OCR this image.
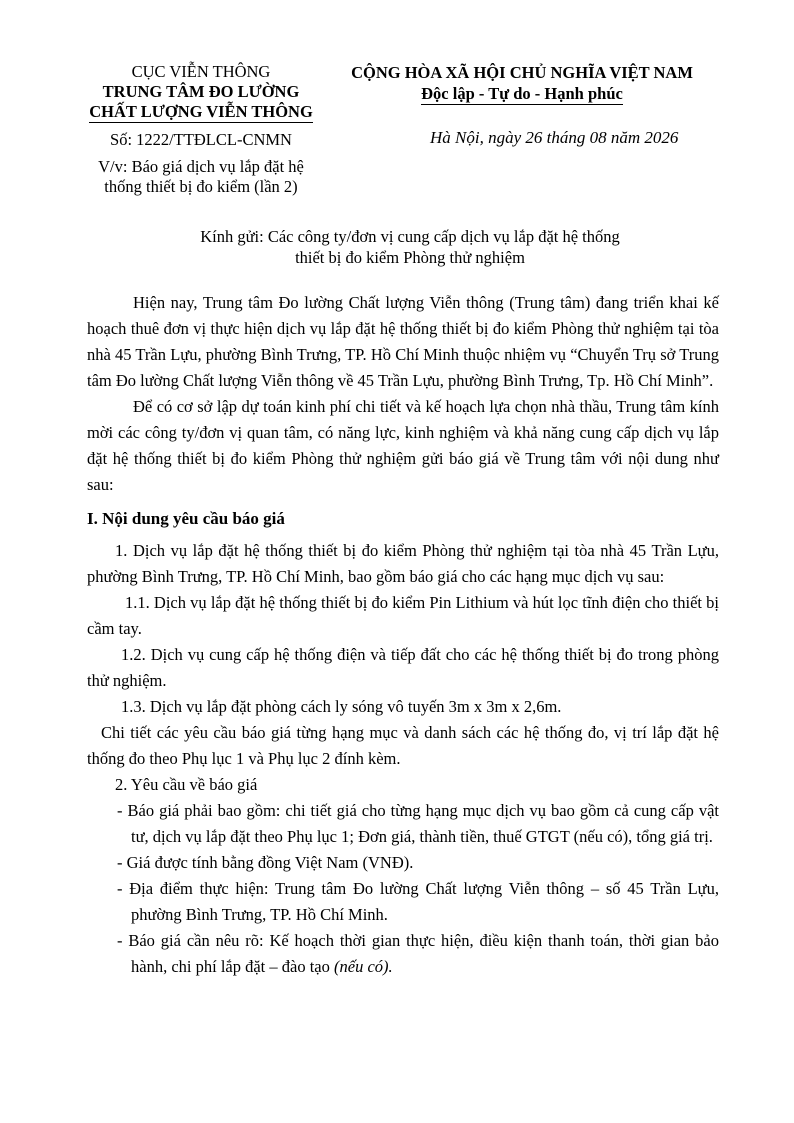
CỤC VIỄN THÔNG
TRUNG TÂM ĐO LƯỜNG
CHẤT LƯỢNG VIỄN THÔNG
Số: 1222/TTĐLCL-CNMN
V/v: Báo giá dịch vụ lắp đặt hệ
thống thiết bị đo kiểm (lần 2)
CỘNG HÒA XÃ HỘI CHỦ NGHĨA VIỆT NAM
Độc lập - Tự do - Hạnh phúc
Hà Nội, ngày 26 tháng 08 năm 2026
Kính gửi: Các công ty/đơn vị cung cấp dịch vụ lắp đặt hệ thống
thiết bị đo kiểm Phòng thử nghiệm

Hiện nay, Trung tâm Đo lường Chất lượng Viễn thông (Trung tâm) đang triển khai kế hoạch thuê đơn vị thực hiện dịch vụ lắp đặt hệ thống thiết bị đo kiểm Phòng thử nghiệm tại tòa nhà 45 Trần Lựu, phường Bình Trưng, TP. Hồ Chí Minh thuộc nhiệm vụ “Chuyển Trụ sở Trung tâm Đo lường Chất lượng Viễn thông về 45 Trần Lựu, phường Bình Trưng, Tp. Hồ Chí Minh”.

Để có cơ sở lập dự toán kinh phí chi tiết và kế hoạch lựa chọn nhà thầu, Trung tâm kính mời các công ty/đơn vị quan tâm, có năng lực, kinh nghiệm và khả năng cung cấp dịch vụ lắp đặt hệ thống thiết bị đo kiểm Phòng thử nghiệm gửi báo giá về Trung tâm với nội dung như sau:

I. Nội dung yêu cầu báo giá

1. Dịch vụ lắp đặt hệ thống thiết bị đo kiểm Phòng thử nghiệm tại tòa nhà 45 Trần Lựu, phường Bình Trưng, TP. Hồ Chí Minh, bao gồm báo giá cho các hạng mục dịch vụ sau:

1.1. Dịch vụ lắp đặt hệ thống thiết bị đo kiểm Pin Lithium và hút lọc tĩnh điện cho thiết bị cầm tay.

1.2. Dịch vụ cung cấp hệ thống điện và tiếp đất cho các hệ thống thiết bị đo trong phòng thử nghiệm.

1.3. Dịch vụ lắp đặt phòng cách ly sóng vô tuyến 3m x 3m x 2,6m.

Chi tiết các yêu cầu báo giá từng hạng mục và danh sách các hệ thống đo, vị trí lắp đặt hệ thống đo theo Phụ lục 1 và Phụ lục 2 đính kèm.

2. Yêu cầu về báo giá

- Báo giá phải bao gồm: chi tiết giá cho từng hạng mục dịch vụ bao gồm cả cung cấp vật tư, dịch vụ lắp đặt theo Phụ lục 1; Đơn giá, thành tiền, thuế GTGT (nếu có), tổng giá trị.

- Giá được tính bằng đồng Việt Nam (VNĐ).

- Địa điểm thực hiện: Trung tâm Đo lường Chất lượng Viễn thông – số 45 Trần Lựu, phường Bình Trưng, TP. Hồ Chí Minh.

- Báo giá cần nêu rõ: Kế hoạch thời gian thực hiện, điều kiện thanh toán, thời gian bảo hành, chi phí lắp đặt – đào tạo (nếu có).
